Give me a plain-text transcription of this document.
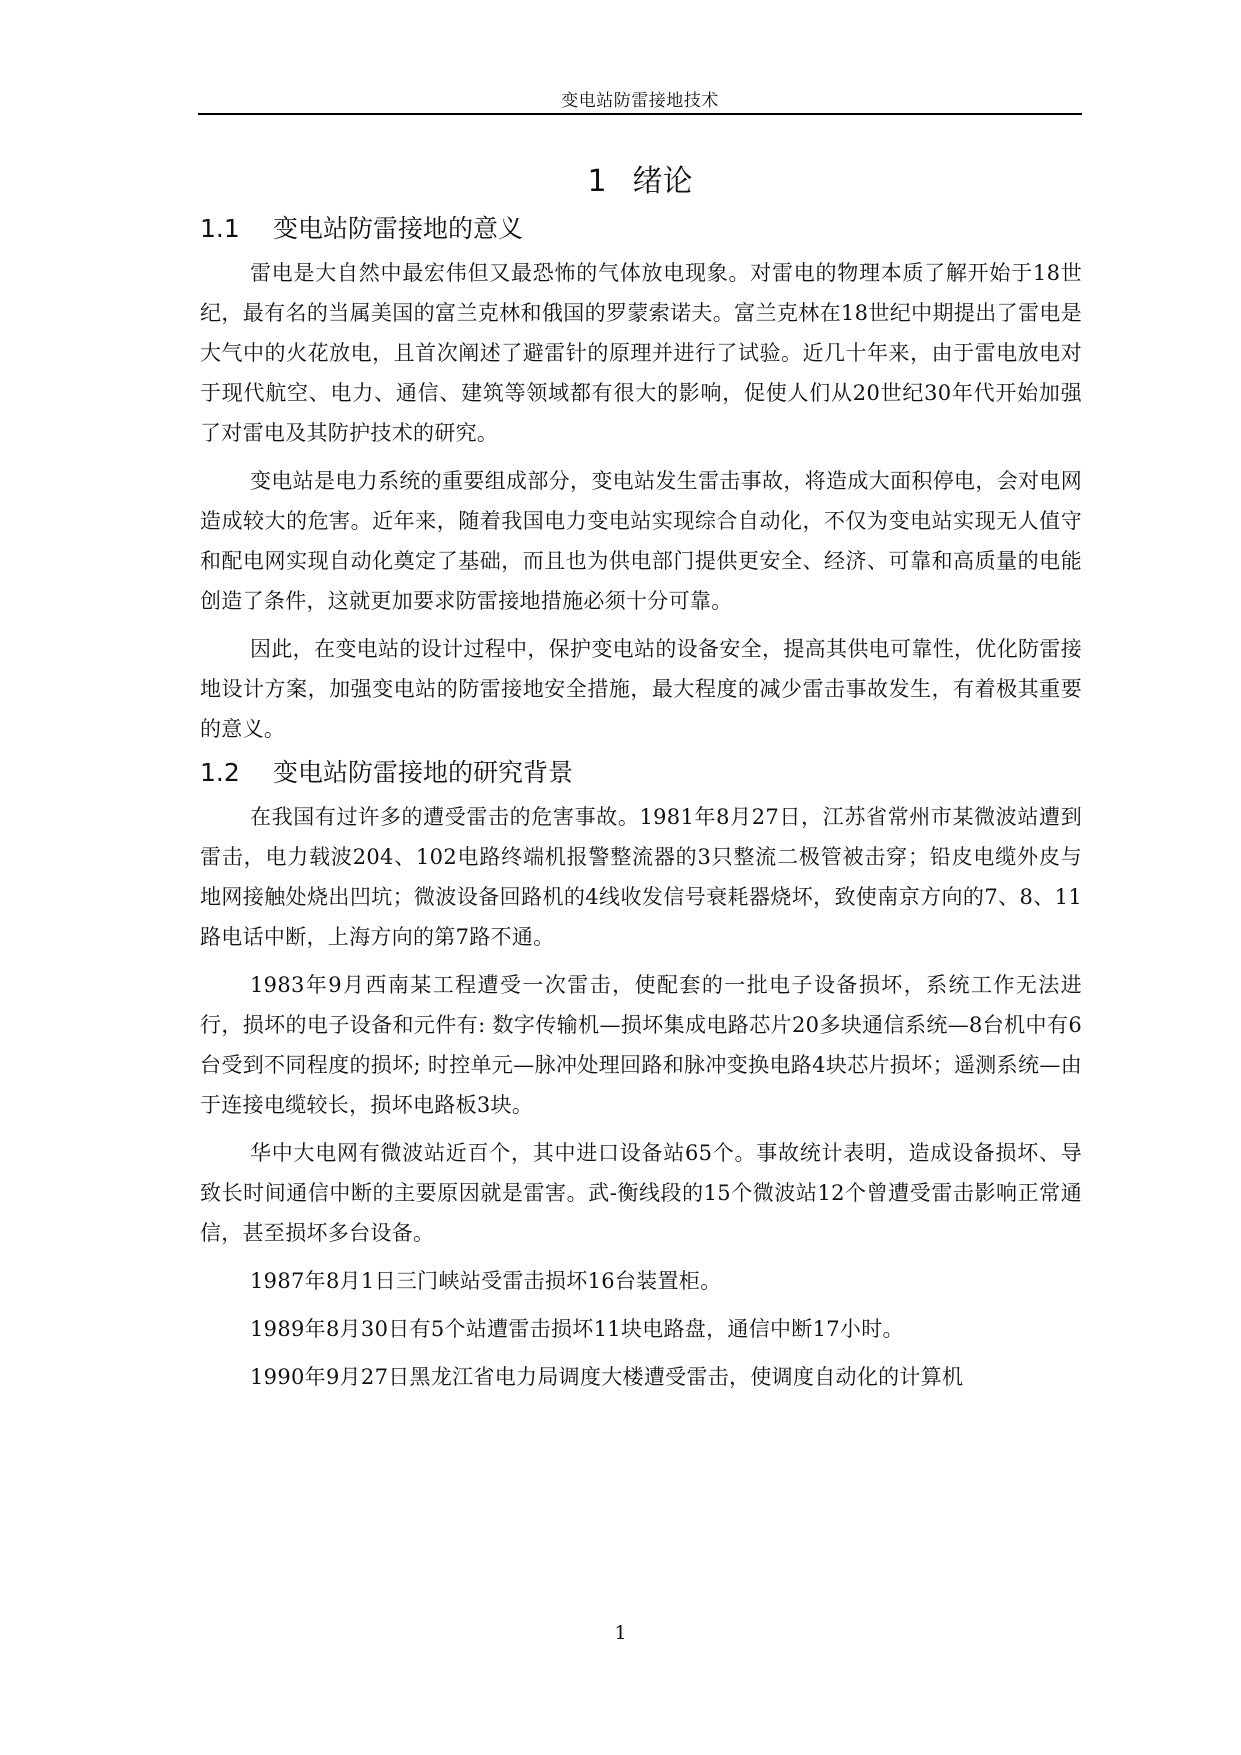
变电站防雷接地技术
1 绪论
1.1 变电站防雷接地的意义

雷电是大自然中最宏伟但又最恐怖的气体放电现象。对雷电的物理本质了解开始于18世纪，最有名的当属美国的富兰克林和俄国的罗蒙索诺夫。富兰克林在18世纪中期提出了雷电是大气中的火花放电，且首次阐述了避雷针的原理并进行了试验。近几十年来，由于雷电放电对于现代航空、电力、通信、建筑等领域都有很大的影响，促使人们从20世纪30年代开始加强了对雷电及其防护技术的研究。

变电站是电力系统的重要组成部分，变电站发生雷击事故，将造成大面积停电，会对电网造成较大的危害。近年来，随着我国电力变电站实现综合自动化，不仅为变电站实现无人值守和配电网实现自动化奠定了基础，而且也为供电部门提供更安全、经济、可靠和高质量的电能创造了条件，这就更加要求防雷接地措施必须十分可靠。

因此，在变电站的设计过程中，保护变电站的设备安全，提高其供电可靠性，优化防雷接地设计方案，加强变电站的防雷接地安全措施，最大程度的减少雷击事故发生，有着极其重要的意义。

1.2 变电站防雷接地的研究背景

在我国有过许多的遭受雷击的危害事故。1981年8月27日，江苏省常州市某微波站遭到雷击，电力载波204、102电路终端机报警整流器的3只整流二极管被击穿；铅皮电缆外皮与地网接触处烧出凹坑；微波设备回路机的4线收发信号衰耗器烧坏，致使南京方向的7、8、11路电话中断，上海方向的第7路不通。

1983年9月西南某工程遭受一次雷击，使配套的一批电子设备损坏，系统工作无法进行，损坏的电子设备和元件有: 数字传输机—损坏集成电路芯片20多块通信系统—8台机中有6台受到不同程度的损坏; 时控单元—脉冲处理回路和脉冲变换电路4块芯片损坏；遥测系统—由于连接电缆较长，损坏电路板3块。

华中大电网有微波站近百个，其中进口设备站65个。事故统计表明，造成设备损坏、导致长时间通信中断的主要原因就是雷害。武-衡线段的15个微波站12个曾遭受雷击影响正常通信，甚至损坏多台设备。

1987年8月1日三门峡站受雷击损坏16台装置柜。

1989年8月30日有5个站遭雷击损坏11块电路盘，通信中断17小时。

1990年9月27日黑龙江省电力局调度大楼遭受雷击，使调度自动化的计算机

1
